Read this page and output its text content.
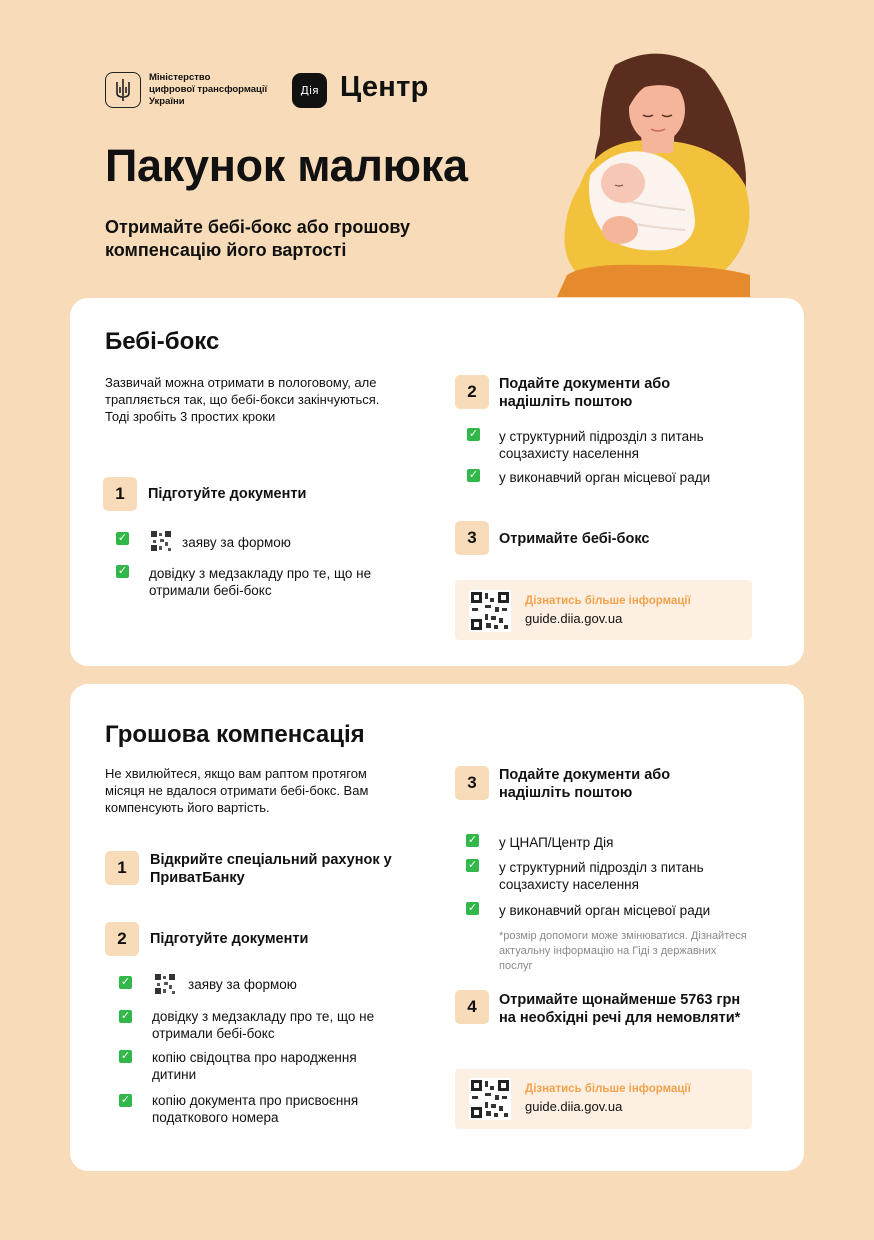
Міністерство
цифрової трансформації
України
Дія Центр
Пакунок малюка
Отримайте бебі-бокс або грошову компенсацію його вартості
Бебі-бокс
Зазвичай можна отримати в пологовому, але трапляється так, що бебі-бокси закінчуються. Тоді зробіть 3 простих кроки
1	Підготуйте документи
✓	заяву за формою
✓ довідку з медзакладу про те, що не отримали бебі-бокс
2	Подайте документи або надішліть поштою
✓ у структурний підрозділ з питань соцзахисту населення
✓ у виконавчий орган місцевої ради
3	Отримайте бебі-бокс
Дізнатись більше інформації
guide.diia.gov.ua
Грошова компенсація
Не хвилюйтеся, якщо вам раптом протягом місяця не вдалося отримати бебі-бокс. Вам компенсують його вартість.
1	Відкрийте спеціальний рахунок у ПриватБанку
2	Підготуйте документи
✓	заяву за формою
✓ довідку з медзакладу про те, що не отримали бебі-бокс
✓ копію свідоцтва про народження дитини
✓ копію документа про присвоєння податкового номера
3	Подайте документи або надішліть поштою
✓ у ЦНАП/Центр Дія
✓ у структурний підрозділ з питань соцзахисту населення
✓ у виконавчий орган місцевої ради
*розмір допомоги може змінюватися. Дізнайтеся актуальну інформацію на Гіді з державних послуг
4	Отримайте щонайменше 5763 грн на необхідні речі для немовляти*
Дізнатись більше інформації
guide.diia.gov.ua
